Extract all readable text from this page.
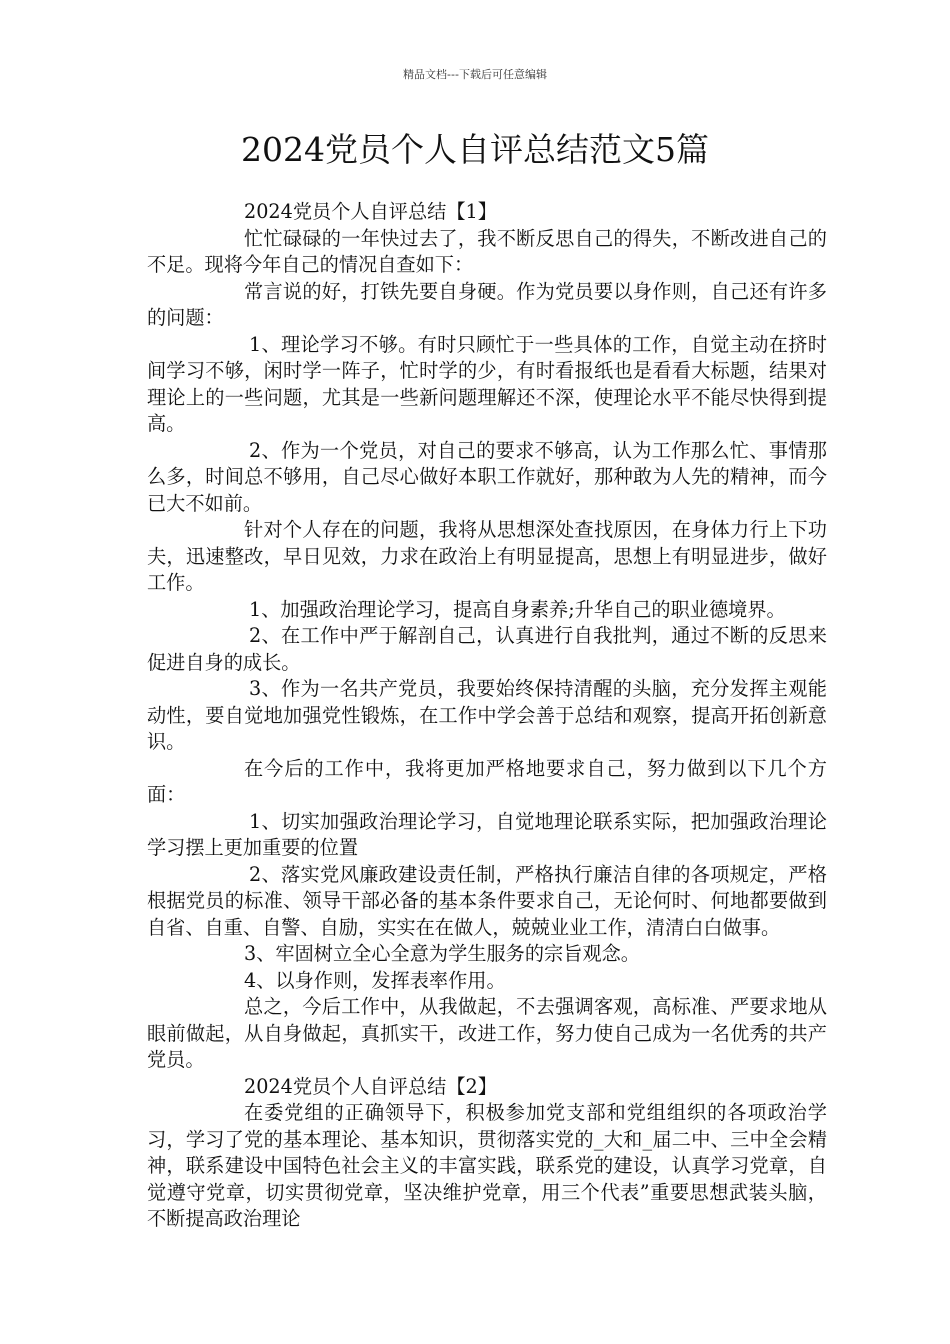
精品文档---下载后可任意编辑
2024党员个人自评总结范文5篇

2024党员个人自评总结【1】

忙忙碌碌的一年快过去了，我不断反思自己的得失，不断改进自己的不足。现将今年自己的情况自查如下：

常言说的好，打铁先要自身硬。作为党员要以身作则，自己还有许多的问题：

1、理论学习不够。有时只顾忙于一些具体的工作，自觉主动在挤时间学习不够，闲时学一阵子，忙时学的少，有时看报纸也是看看大标题，结果对理论上的一些问题，尤其是一些新问题理解还不深，使理论水平不能尽快得到提高。

2、作为一个党员，对自己的要求不够高，认为工作那么忙、事情那么多，时间总不够用，自己尽心做好本职工作就好，那种敢为人先的精神，而今已大不如前。

针对个人存在的问题，我将从思想深处查找原因，在身体力行上下功夫，迅速整改，早日见效，力求在政治上有明显提高，思想上有明显进步，做好工作。

1、加强政治理论学习，提高自身素养;升华自己的职业德境界。

2、在工作中严于解剖自己，认真进行自我批判，通过不断的反思来促进自身的成长。

3、作为一名共产党员，我要始终保持清醒的头脑，充分发挥主观能动性，要自觉地加强党性锻炼，在工作中学会善于总结和观察，提高开拓创新意识。

在今后的工作中，我将更加严格地要求自己，努力做到以下几个方面：

1、切实加强政治理论学习，自觉地理论联系实际，把加强政治理论学习摆上更加重要的位置

2、落实党风廉政建设责任制，严格执行廉洁自律的各项规定，严格根据党员的标准、领导干部必备的基本条件要求自己，无论何时、何地都要做到自省、自重、自警、自励，实实在在做人，兢兢业业工作，清清白白做事。

3、牢固树立全心全意为学生服务的宗旨观念。

4、以身作则，发挥表率作用。

总之，今后工作中，从我做起，不去强调客观，高标准、严要求地从眼前做起，从自身做起，真抓实干，改进工作，努力使自己成为一名优秀的共产党员。

2024党员个人自评总结【2】

在委党组的正确领导下，积极参加党支部和党组组织的各项政治学习，学习了党的基本理论、基本知识，贯彻落实党的_大和_届二中、三中全会精神，联系建设中国特色社会主义的丰富实践，联系党的建设，认真学习党章，自觉遵守党章，切实贯彻党章，坚决维护党章，用三个代表”重要思想武装头脑，不断提高政治理论
